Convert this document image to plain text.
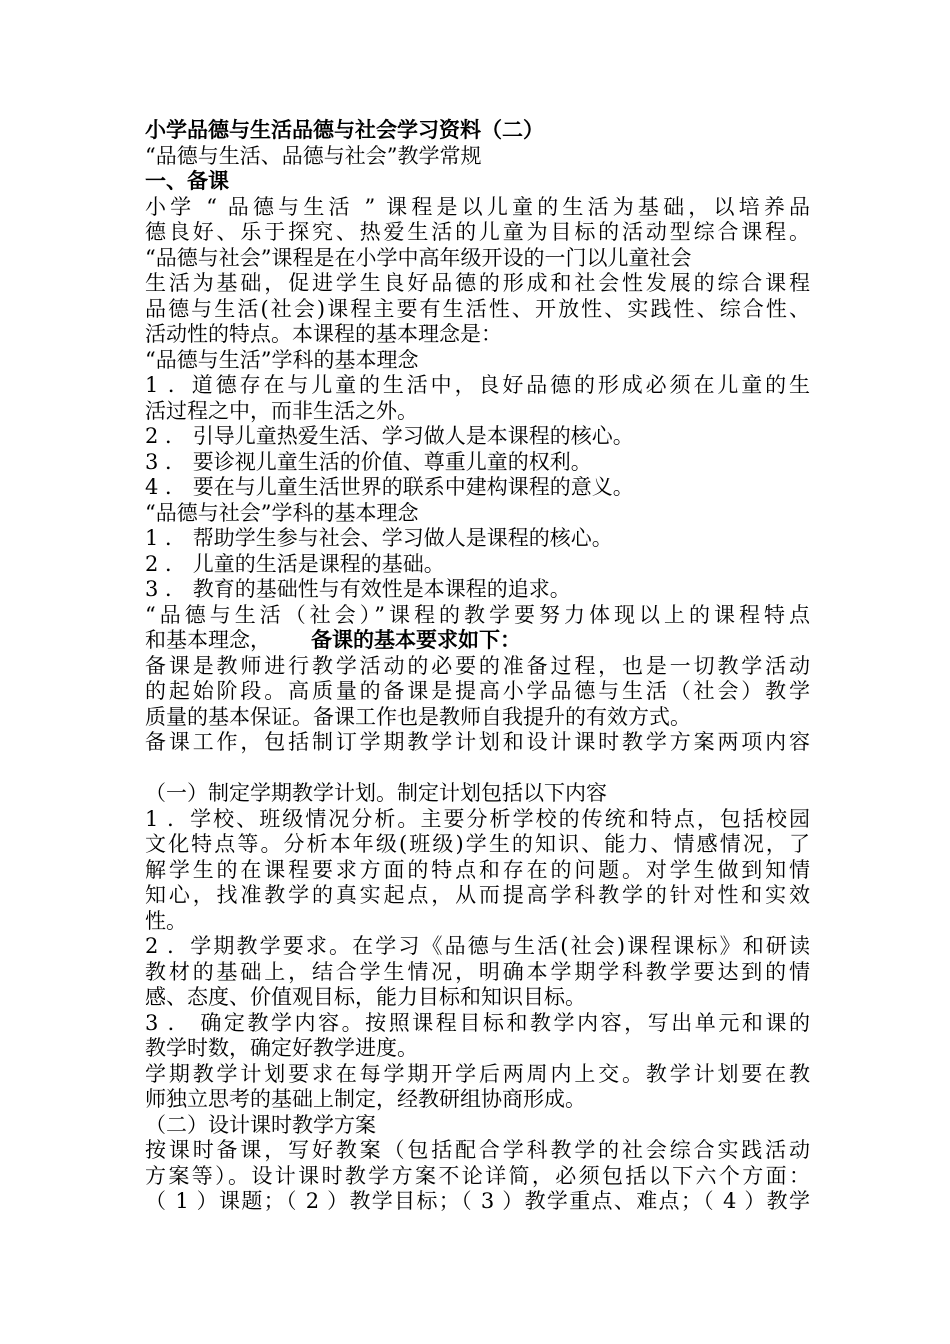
小学品德与生活品德与社会学习资料（二）
“品德与生活、品德与社会”教学常规
一、备课
小学 “ 品德与生活 ” 课程是以儿童的生活为基础，以培养品
德良好、乐于探究、热爱生活的儿童为目标的活动型综合课程。
“品德与社会”课程是在小学中高年级开设的一门以儿童社会
生活为基础，促进学生良好品德的形成和社会性发展的综合课程
品德与生活(社会)课程主要有生活性、开放性、实践性、综合性、
活动性的特点。本课程的基本理念是：
“品德与生活”学科的基本理念
1 ．道德存在与儿童的生活中，良好品德的形成必须在儿童的生
活过程之中，而非生活之外。
2 ． 引导儿童热爱生活、学习做人是本课程的核心。
3 ． 要诊视儿童生活的价值、尊重儿童的权利。
4 ． 要在与儿童生活世界的联系中建构课程的意义。
“品德与社会”学科的基本理念
1 ． 帮助学生参与社会、学习做人是课程的核心。
2 ． 儿童的生活是课程的基础。
3 ． 教育的基础性与有效性是本课程的追求。
“品德与生活（社会）”课程的教学要努力体现以上的课程特点
和基本理念， 备课的基本要求如下：
备课是教师进行教学活动的必要的准备过程，也是一切教学活动
的起始阶段。高质量的备课是提高小学品德与生活（社会）教学
质量的基本保证。备课工作也是教师自我提升的有效方式。
备课工作，包括制订学期教学计划和设计课时教学方案两项内容
（一）制定学期教学计划。制定计划包括以下内容
1 ．学校、班级情况分析。主要分析学校的传统和特点，包括校园
文化特点等。分析本年级(班级)学生的知识、能力、情感情况，了
解学生的在课程要求方面的特点和存在的问题。对学生做到知情
知心，找准教学的真实起点，从而提高学科教学的针对性和实效
性。
2 ．学期教学要求。在学习《品德与生活(社会)课程课标》和研读
教材的基础上，结合学生情况，明确本学期学科教学要达到的情
感、态度、价值观目标，能力目标和知识目标。
3 ． 确定教学内容。按照课程目标和教学内容，写出单元和课的
教学时数，确定好教学进度。
学期教学计划要求在每学期开学后两周内上交。教学计划要在教
师独立思考的基础上制定，经教研组协商形成。
（二）设计课时教学方案
按课时备课，写好教案（包括配合学科教学的社会综合实践活动
方案等）。设计课时教学方案不论详简，必须包括以下六个方面：
（ 1 ）课题；（ 2 ）教学目标；（ 3 ）教学重点、难点；（ 4 ）教学
